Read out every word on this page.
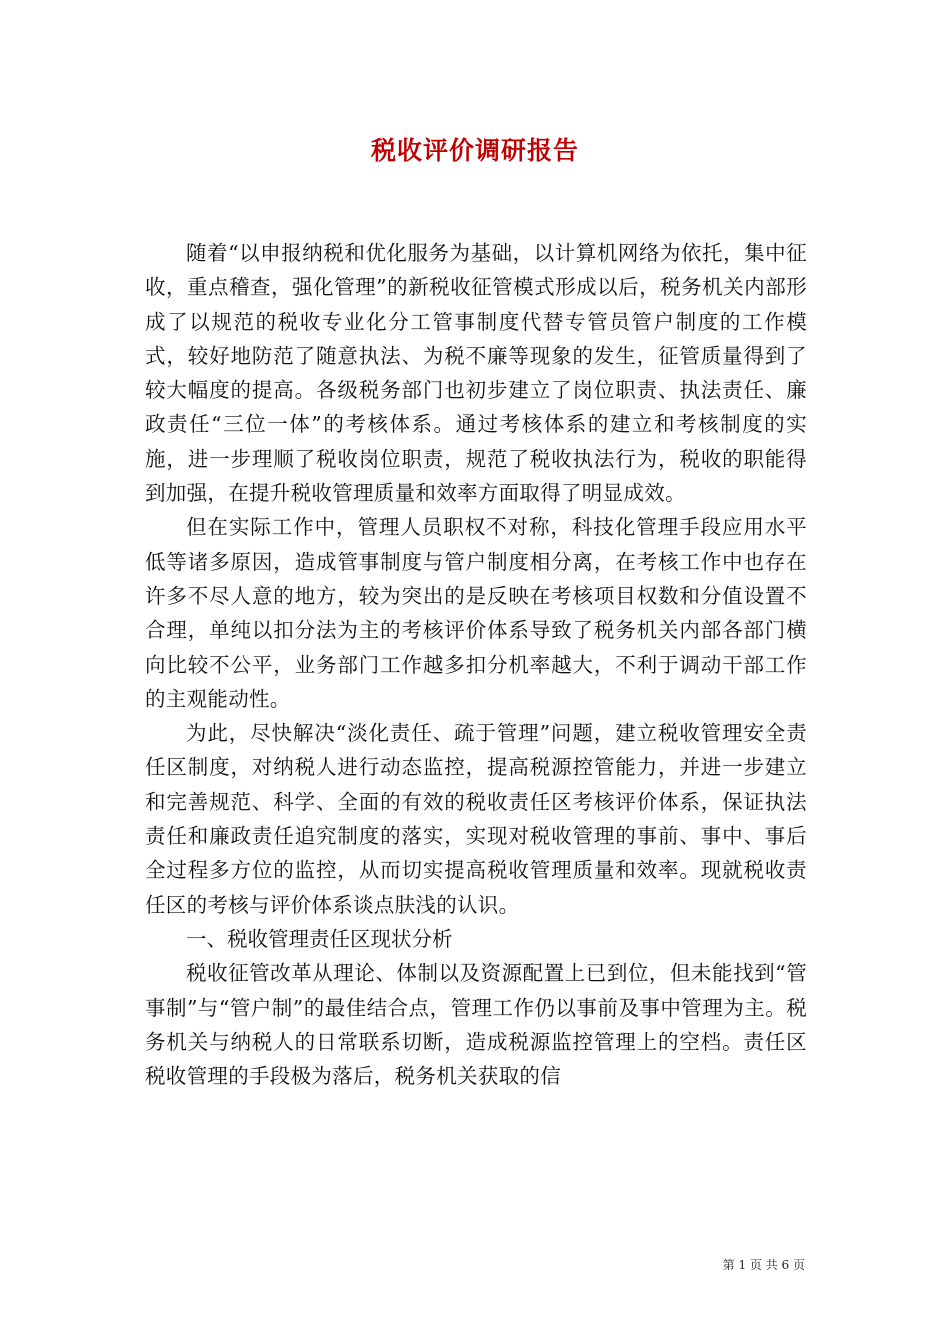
税收评价调研报告

随着“以申报纳税和优化服务为基础，以计算机网络为依托，集中征收，重点稽查，强化管理”的新税收征管模式形成以后，税务机关内部形成了以规范的税收专业化分工管事制度代替专管员管户制度的工作模式，较好地防范了随意执法、为税不廉等现象的发生，征管质量得到了较大幅度的提高。各级税务部门也初步建立了岗位职责、执法责任、廉政责任“三位一体”的考核体系。通过考核体系的建立和考核制度的实施，进一步理顺了税收岗位职责，规范了税收执法行为，税收的职能得到加强，在提升税收管理质量和效率方面取得了明显成效。

但在实际工作中，管理人员职权不对称，科技化管理手段应用水平低等诸多原因，造成管事制度与管户制度相分离，在考核工作中也存在许多不尽人意的地方，较为突出的是反映在考核项目权数和分值设置不合理，单纯以扣分法为主的考核评价体系导致了税务机关内部各部门横向比较不公平，业务部门工作越多扣分机率越大，不利于调动干部工作的主观能动性。

为此，尽快解决“淡化责任、疏于管理”问题，建立税收管理安全责任区制度，对纳税人进行动态监控，提高税源控管能力，并进一步建立和完善规范、科学、全面的有效的税收责任区考核评价体系，保证执法责任和廉政责任追究制度的落实，实现对税收管理的事前、事中、事后全过程多方位的监控，从而切实提高税收管理质量和效率。现就税收责任区的考核与评价体系谈点肤浅的认识。

一、税收管理责任区现状分析

税收征管改革从理论、体制以及资源配置上已到位，但未能找到“管事制”与“管户制”的最佳结合点，管理工作仍以事前及事中管理为主。税务机关与纳税人的日常联系切断，造成税源监控管理上的空档。责任区税收管理的手段极为落后，税务机关获取的信

第 1 页 共 6 页
